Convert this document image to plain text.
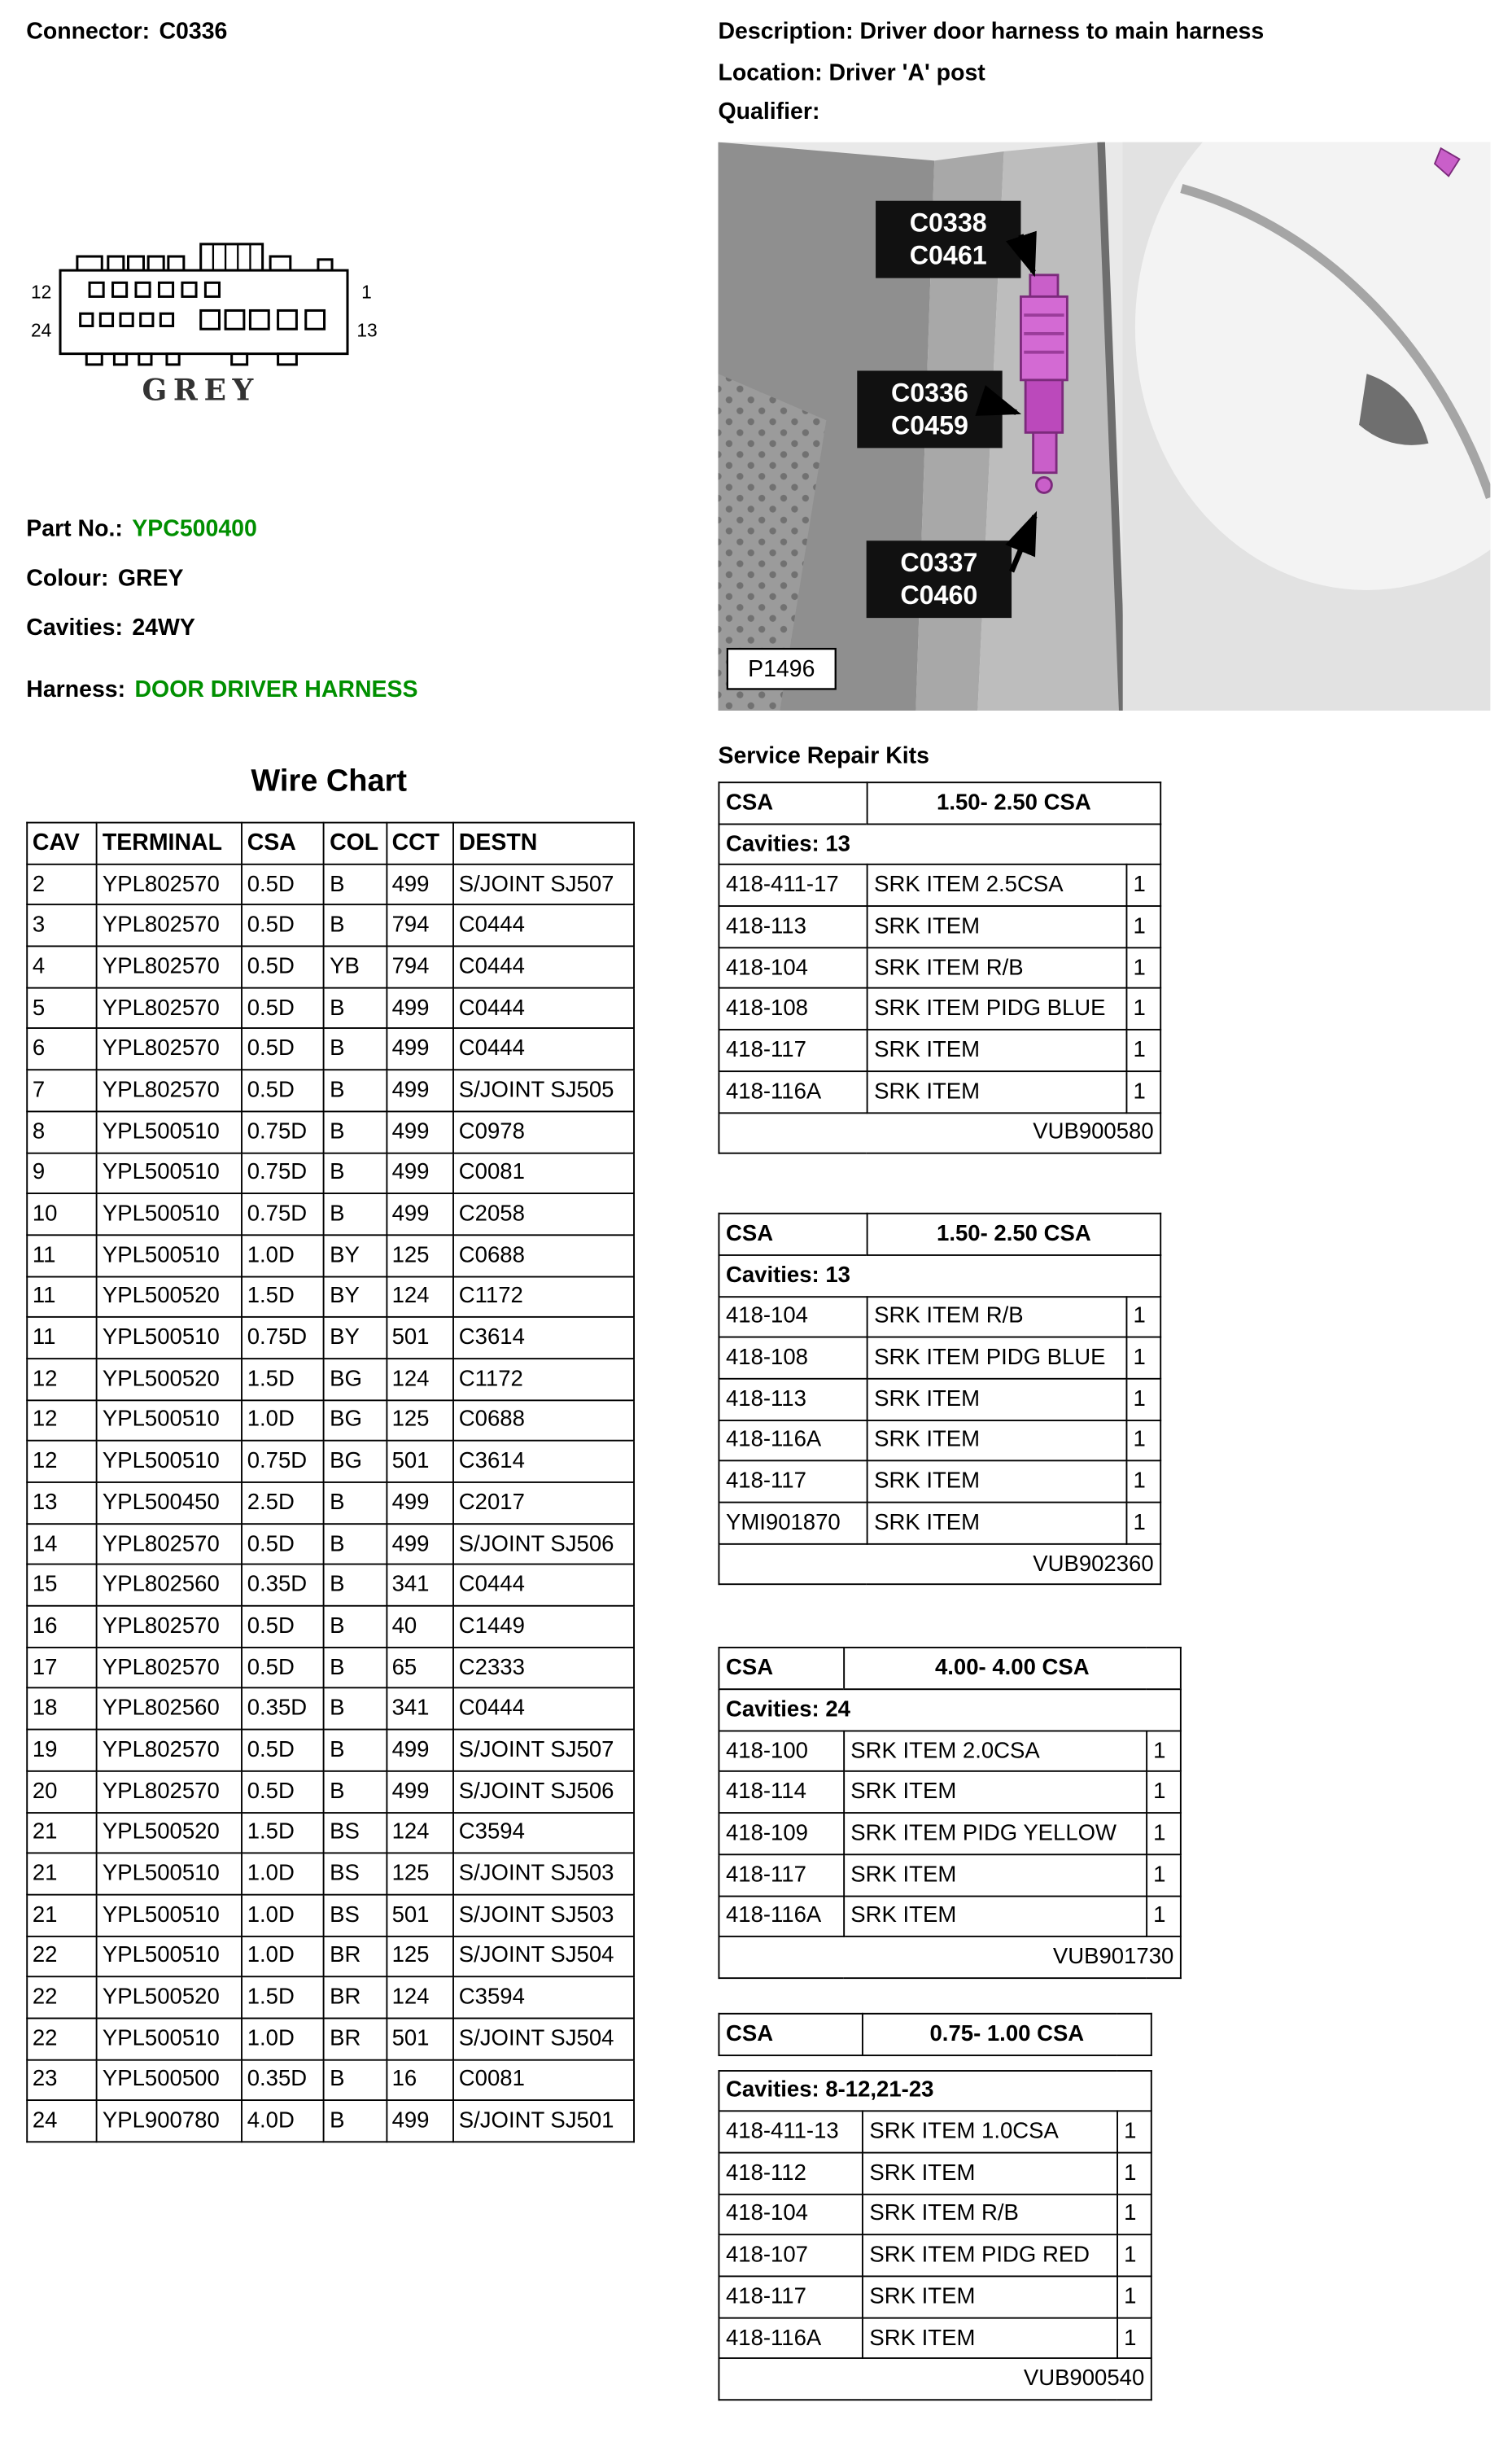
Connector: C0336	Description: Driver door harness to main harness
Location: Driver 'A' post
Qualifier:
12
24
1
13
GREY
Part No.: YPC500400
Colour: GREY
Cavities: 24WY
Harness: DOOR DRIVER HARNESS
C0338
C0461
C0336
C0459
C0337
C0460
P1496
Wire Chart
CAV	TERMINAL	CSA	COL	CCT	DESTN
2	YPL802570	0.5D	B	499	S/JOINT SJ507
3	YPL802570	0.5D	B	794	C0444
4	YPL802570	0.5D	YB	794	C0444
5	YPL802570	0.5D	B	499	C0444
6	YPL802570	0.5D	B	499	C0444
7	YPL802570	0.5D	B	499	S/JOINT SJ505
8	YPL500510	0.75D	B	499	C0978
9	YPL500510	0.75D	B	499	C0081
10	YPL500510	0.75D	B	499	C2058
11	YPL500510	1.0D	BY	125	C0688
11	YPL500520	1.5D	BY	124	C1172
11	YPL500510	0.75D	BY	501	C3614
12	YPL500520	1.5D	BG	124	C1172
12	YPL500510	1.0D	BG	125	C0688
12	YPL500510	0.75D	BG	501	C3614
13	YPL500450	2.5D	B	499	C2017
14	YPL802570	0.5D	B	499	S/JOINT SJ506
15	YPL802560	0.35D	B	341	C0444
16	YPL802570	0.5D	B	40	C1449
17	YPL802570	0.5D	B	65	C2333
18	YPL802560	0.35D	B	341	C0444
19	YPL802570	0.5D	B	499	S/JOINT SJ507
20	YPL802570	0.5D	B	499	S/JOINT SJ506
21	YPL500520	1.5D	BS	124	C3594
21	YPL500510	1.0D	BS	125	S/JOINT SJ503
21	YPL500510	1.0D	BS	501	S/JOINT SJ503
22	YPL500510	1.0D	BR	125	S/JOINT SJ504
22	YPL500520	1.5D	BR	124	C3594
22	YPL500510	1.0D	BR	501	S/JOINT SJ504
23	YPL500500	0.35D	B	16	C0081
24	YPL900780	4.0D	B	499	S/JOINT SJ501
Service Repair Kits
CSA	1.50- 2.50 CSA
Cavities: 13		
418-411-17	SRK ITEM 2.5CSA	1
418-113	SRK ITEM	1
418-104	SRK ITEM R/B	1
418-108	SRK ITEM PIDG BLUE	1
418-117	SRK ITEM	1
418-116A	SRK ITEM	1
VUB900580		
CSA	1.50- 2.50 CSA
Cavities: 13		
418-104	SRK ITEM R/B	1
418-108	SRK ITEM PIDG BLUE	1
418-113	SRK ITEM	1
418-116A	SRK ITEM	1
418-117	SRK ITEM	1
YMI901870	SRK ITEM	1
VUB902360		
CSA	4.00- 4.00 CSA
Cavities: 24		
418-100	SRK ITEM 2.0CSA	1
418-114	SRK ITEM	1
418-109	SRK ITEM PIDG YELLOW	1
418-117	SRK ITEM	1
418-116A	SRK ITEM	1
VUB901730		
CSA	0.75- 1.00 CSA
Cavities: 8-12,21-23		
418-411-13	SRK ITEM 1.0CSA	1
418-112	SRK ITEM	1
418-104	SRK ITEM R/B	1
418-107	SRK ITEM PIDG RED	1
418-117	SRK ITEM	1
418-116A	SRK ITEM	1
VUB900540		
